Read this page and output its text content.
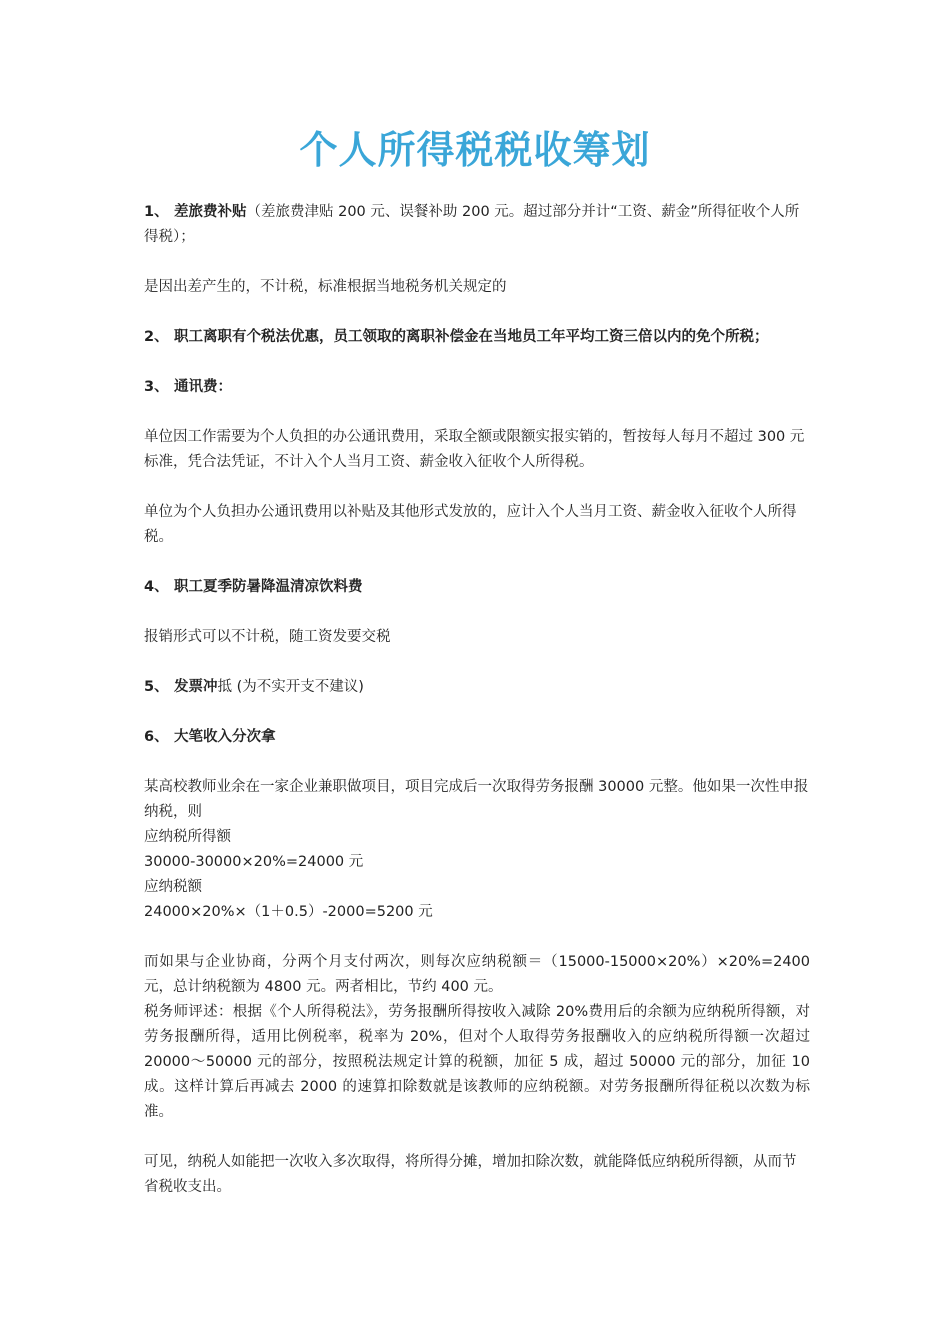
个人所得税税收筹划

1、 差旅费补贴（差旅费津贴 200 元、误餐补助 200 元。超过部分并计“工资、薪金”所得征收个人所得税）；

是因出差产生的，不计税，标准根据当地税务机关规定的

2、 职工离职有个税法优惠，员工领取的离职补偿金在当地员工年平均工资三倍以内的免个所税；

3、 通讯费：

单位因工作需要为个人负担的办公通讯费用，采取全额或限额实报实销的，暂按每人每月不超过 300 元标准，凭合法凭证，不计入个人当月工资、薪金收入征收个人所得税。

单位为个人负担办公通讯费用以补贴及其他形式发放的，应计入个人当月工资、薪金收入征收个人所得税。

4、 职工夏季防暑降温清凉饮料费

报销形式可以不计税，随工资发要交税

5、 发票冲抵 (为不实开支不建议)

6、 大笔收入分次拿

某高校教师业余在一家企业兼职做项目，项目完成后一次取得劳务报酬 30000 元整。他如果一次性申报纳税，则

应纳税所得额

30000-30000×20%=24000 元

应纳税额

24000×20%×（1＋0.5）-2000=5200 元

而如果与企业协商，分两个月支付两次，则每次应纳税额＝（15000-15000×20%）×20%=2400 元，总计纳税额为 4800 元。两者相比，节约 400 元。

税务师评述：根据《个人所得税法》，劳务报酬所得按收入减除 20%费用后的余额为应纳税所得额，对劳务报酬所得，适用比例税率，税率为 20%，但对个人取得劳务报酬收入的应纳税所得额一次超过 20000～50000 元的部分，按照税法规定计算的税额，加征 5 成，超过 50000 元的部分，加征 10 成。这样计算后再减去 2000 的速算扣除数就是该教师的应纳税额。对劳务报酬所得征税以次数为标准。

可见，纳税人如能把一次收入多次取得，将所得分摊，增加扣除次数，就能降低应纳税所得额，从而节省税收支出。
